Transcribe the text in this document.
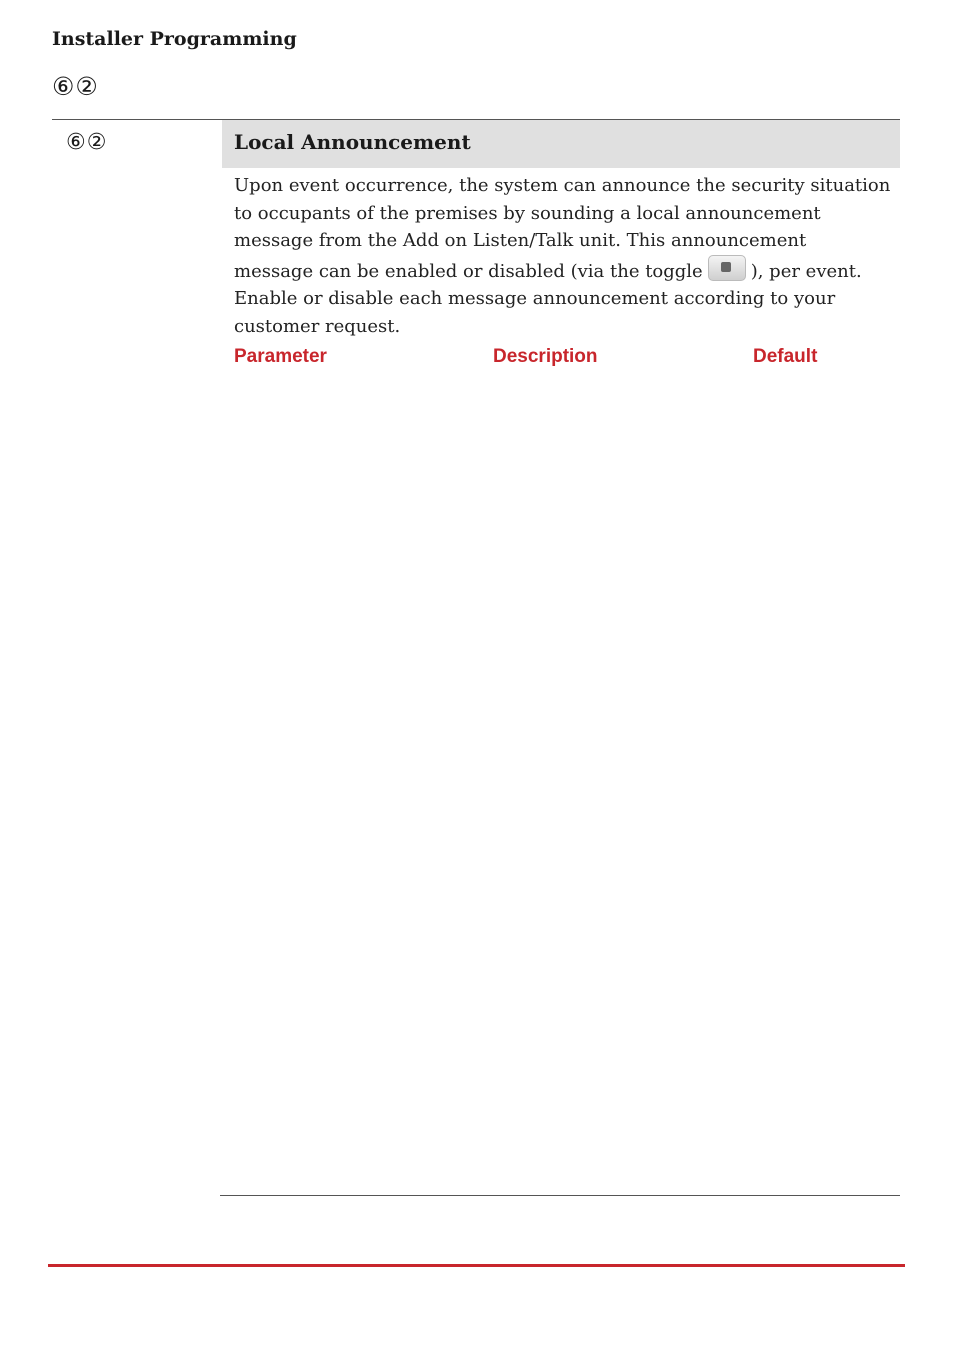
Installer Programming
⑥②
⑥②	Local Announcement
Upon event occurrence, the system can announce the security situation
to occupants of the premises by sounding a local announcement
message from the Add on Listen/Talk unit. This announcement
message can be enabled or disabled (via the toggle	), per event.
Enable or disable each message announcement according to your
customer request.
Parameter	Description	Default
